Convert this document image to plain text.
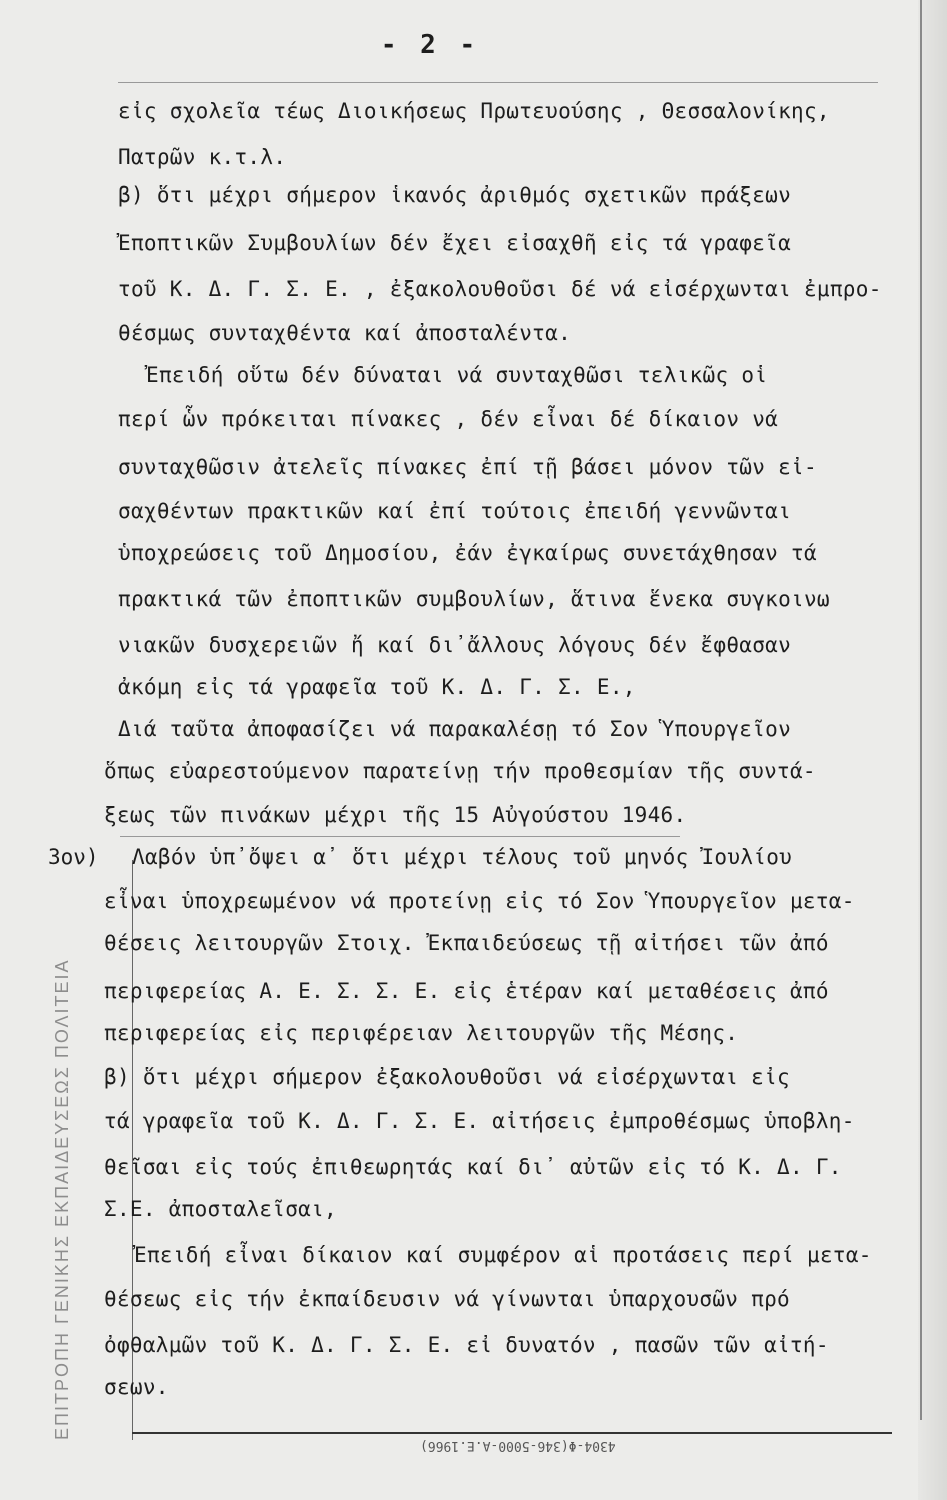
- 2 -
3ον)
ΕΠΙΤΡΟΠΗ ΓΕΝΙΚΗΣ ΕΚΠΑΙΔΕΥΣΕΩΣ ΠΟΛΙΤΕΙΑ
4304-Φ(346-5000-Α.Ε.1966)
εἰς σχολεῖα τέως Διοικήσεως Πρωτευούσης , Θεσσαλονίκης,
Πατρῶν κ.τ.λ.
β) ὅτι μέχρι σήμερον ἱκανός ἀριθμός σχετικῶν πράξεων
Ἐποπτικῶν Συμβουλίων δέν ἔχει εἰσαχθῆ εἰς τά γραφεῖα
τοῦ Κ. Δ. Γ. Σ. Ε. , ἐξακολουθοῦσι δέ νά εἰσέρχωνται ἐμπρο-
θέσμως συνταχθέντα καί ἀποσταλέντα.
Ἐπειδή οὕτω δέν δύναται νά συνταχθῶσι τελικῶς οἱ
περί ὧν πρόκειται πίνακες , δέν εἶναι δέ δίκαιον νά
συνταχθῶσιν ἀτελεῖς πίνακες ἐπί τῇ βάσει μόνον τῶν εἰ-
σαχθέντων πρακτικῶν καί ἐπί τούτοις ἐπειδή γεννῶνται
ὑποχρεώσεις τοῦ Δημοσίου, ἐάν ἐγκαίρως συνετάχθησαν τά
πρακτικά τῶν ἐποπτικῶν συμβουλίων, ἅτινα ἕνεκα συγκοινω
νιακῶν δυσχερειῶν ἤ καί δι᾽ἄλλους λόγους δέν ἔφθασαν
ἀκόμη εἰς τά γραφεῖα τοῦ Κ. Δ. Γ. Σ. Ε.,
Διά ταῦτα ἀποφασίζει νά παρακαλέσῃ τό Σον Ὑπουργεῖον
ὅπως εὐαρεστούμενον παρατείνῃ τήν προθεσμίαν τῆς συντά-
ξεως τῶν πινάκων μέχρι τῆς 15 Αὐγούστου 1946.
Λαβόν ὑπ᾽ὄψει α᾽ ὅτι μέχρι τέλους τοῦ μηνός Ἰουλίου
εἶναι ὑποχρεωμένον νά προτείνῃ εἰς τό Σον Ὑπουργεῖον μετα-
θέσεις λειτουργῶν Στοιχ. Ἐκπαιδεύσεως τῇ αἰτήσει τῶν ἀπό
περιφερείας Α. Ε. Σ. Σ. Ε. εἰς ἑτέραν καί μεταθέσεις ἀπό
περιφερείας εἰς περιφέρειαν λειτουργῶν τῆς Μέσης.
β) ὅτι μέχρι σήμερον ἐξακολουθοῦσι νά εἰσέρχωνται εἰς
τά γραφεῖα τοῦ Κ. Δ. Γ. Σ. Ε. αἰτήσεις ἐμπροθέσμως ὑποβλη-
θεῖσαι εἰς τούς ἐπιθεωρητάς καί δι᾽ αὐτῶν εἰς τό Κ. Δ. Γ.
Σ.Ε. ἀποσταλεῖσαι,
Ἐπειδή εἶναι δίκαιον καί συμφέρον αἱ προτάσεις περί μετα-
θέσεως εἰς τήν ἐκπαίδευσιν νά γίνωνται ὑπαρχουσῶν πρό
ὀφθαλμῶν τοῦ Κ. Δ. Γ. Σ. Ε. εἰ δυνατόν , πασῶν τῶν αἰτή-
σεων.
